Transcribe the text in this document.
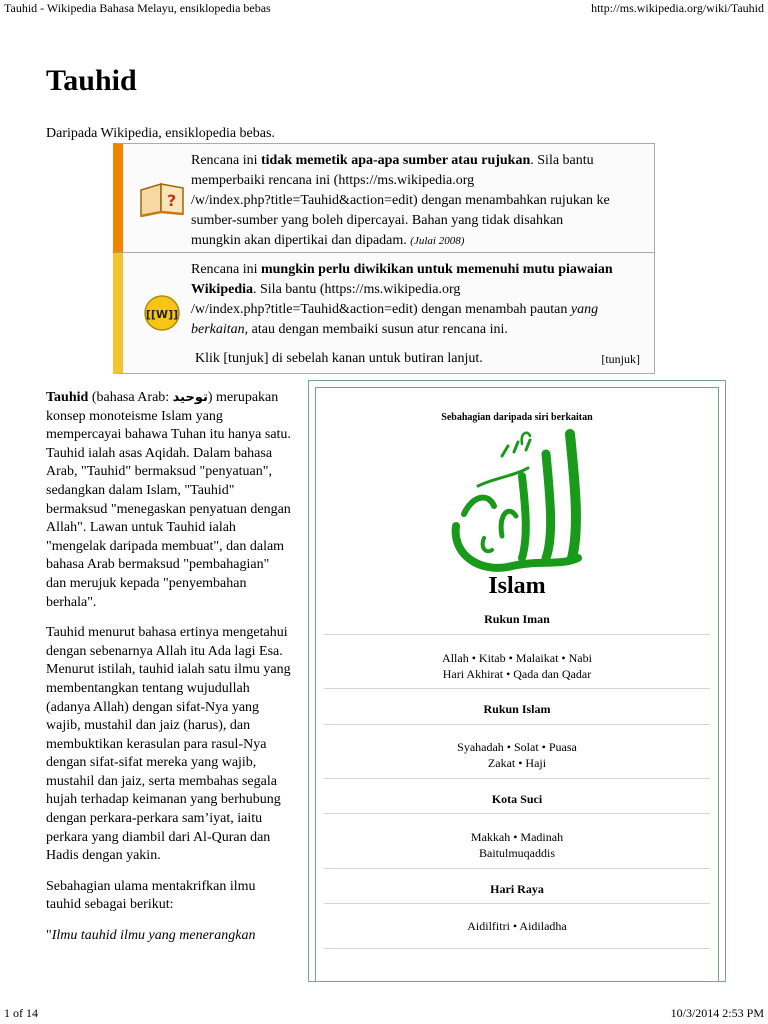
Tauhid - Wikipedia Bahasa Melayu, ensiklopedia bebas	http://ms.wikipedia.org/wiki/Tauhid
Tauhid
Daripada Wikipedia, ensiklopedia bebas.
?
Rencana ini tidak memetik apa-apa sumber atau rujukan. Sila bantu
memperbaiki rencana ini (https://ms.wikipedia.org
/w/index.php?title=Tauhid&action=edit) dengan menambahkan rujukan ke
sumber-sumber yang boleh dipercayai. Bahan yang tidak disahkan
mungkin akan dipertikai dan dipadam. (Julai 2008)
[[W]]
Rencana ini mungkin perlu diwikikan untuk memenuhi mutu piawaian
Wikipedia. Sila bantu (https://ms.wikipedia.org
/w/index.php?title=Tauhid&action=edit) dengan menambah pautan yang
berkaitan, atau dengan membaiki susun atur rencana ini.
Klik [tunjuk] di sebelah kanan untuk butiran lanjut.	[tunjuk]

Tauhid (bahasa Arab: توحيد) merupakan konsep monoteisme Islam yang mempercayai bahawa Tuhan itu hanya satu. Tauhid ialah asas Aqidah. Dalam bahasa Arab, "Tauhid" bermaksud "penyatuan", sedangkan dalam Islam, "Tauhid" bermaksud "menegaskan penyatuan dengan Allah". Lawan untuk Tauhid ialah "mengelak daripada membuat", dan dalam bahasa Arab bermaksud "pembahagian" dan merujuk kepada "penyembahan berhala".

Tauhid menurut bahasa ertinya mengetahui dengan sebenarnya Allah itu Ada lagi Esa. Menurut istilah, tauhid ialah satu ilmu yang membentangkan tentang wujudullah (adanya Allah) dengan sifat-Nya yang wajib, mustahil dan jaiz (harus), dan membuktikan kerasulan para rasul-Nya dengan sifat-sifat mereka yang wajib, mustahil dan jaiz, serta membahas segala hujah terhadap keimanan yang berhubung dengan perkara-perkara sam’iyat, iaitu perkara yang diambil dari Al-Quran dan Hadis dengan yakin.

Sebahagian ulama mentakrifkan ilmu tauhid sebagai berikut:

"Ilmu tauhid ilmu yang menerangkan

Sebahagian daripada siri berkaitan
Islam
Rukun Iman
Allah • Kitab • Malaikat • Nabi
Hari Akhirat • Qada dan Qadar
Rukun Islam
Syahadah • Solat • Puasa
Zakat • Haji
Kota Suci
Makkah • Madinah
Baitulmuqaddis
Hari Raya
Aidilfitri • Aidiladha
1 of 14	10/3/2014 2:53 PM
